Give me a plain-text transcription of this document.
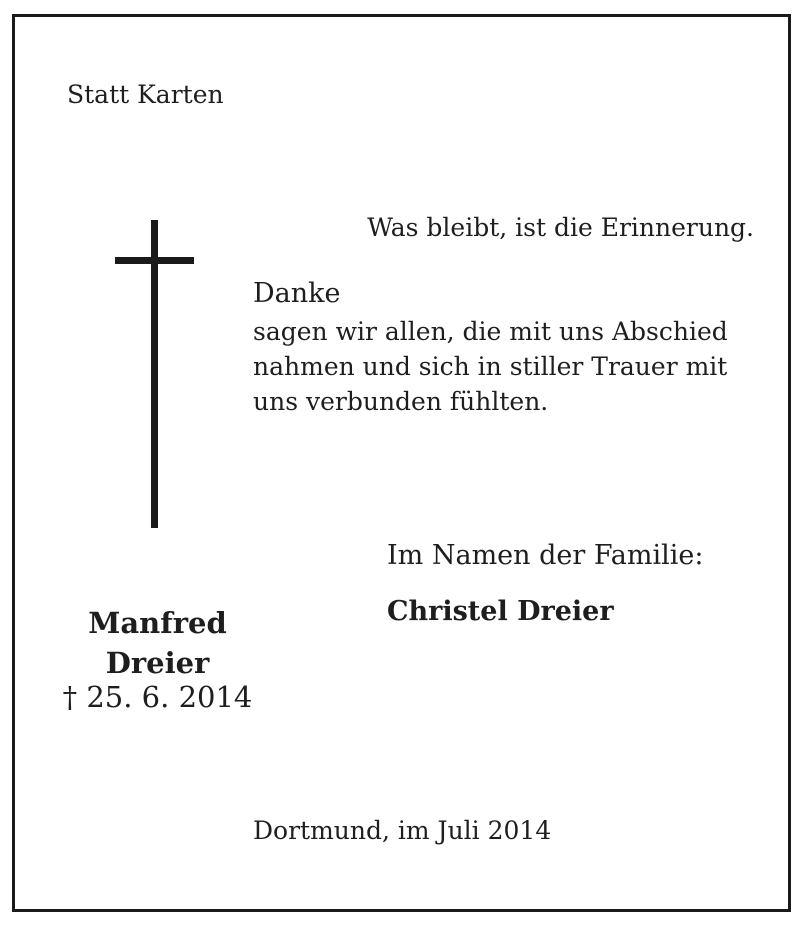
Statt Karten
Was bleibt, ist die Erinnerung.
Danke
sagen wir allen, die mit uns Abschied
nahmen und sich in stiller Trauer mit
uns verbunden fühlten.
Im Namen der Familie:
Christel Dreier
Manfred
Dreier
† 25. 6. 2014
Dortmund, im Juli 2014
